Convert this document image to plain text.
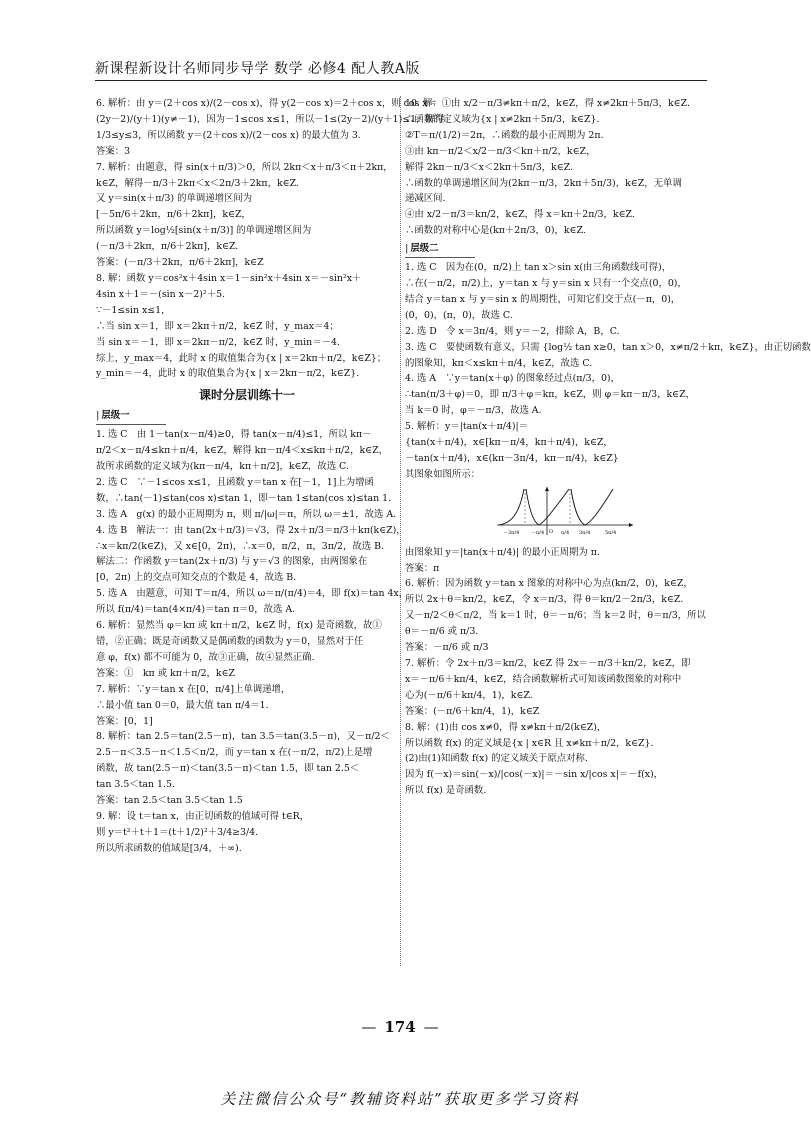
新课程新设计名师同步导学 数学 必修4 配人教A版

6. 解析：由 y＝(2＋cos x)/(2－cos x)，得 y(2－cos x)＝2＋cos x，则 cos x＝

(2y－2)/(y＋1)(y≠－1)，因为－1≤cos x≤1，所以－1≤(2y－2)/(y＋1)≤1，解得

1/3≤y≤3，所以函数 y＝(2＋cos x)/(2－cos x) 的最大值为 3.

答案：3

7. 解析：由题意，得 sin(x＋π/3)＞0，所以 2kπ＜x＋π/3＜π＋2kπ，

k∈Z，解得－π/3＋2kπ＜x＜2π/3＋2kπ，k∈Z.

又 y＝sin(x＋π/3) 的单调递增区间为

[－5π/6＋2kπ，π/6＋2kπ]，k∈Z，

所以函数 y＝log½[sin(x＋π/3)] 的单调递增区间为

(－π/3＋2kπ，π/6＋2kπ]，k∈Z.

答案：(－π/3＋2kπ，π/6＋2kπ]，k∈Z

8. 解：函数 y＝cos²x＋4sin x＝1－sin²x＋4sin x＝－sin²x＋

4sin x＋1＝－(sin x－2)²＋5.

∵－1≤sin x≤1，

∴当 sin x＝1，即 x＝2kπ＋π/2，k∈Z 时，y_max＝4；

当 sin x＝－1，即 x＝2kπ－π/2，k∈Z 时，y_min＝－4.

综上，y_max＝4，此时 x 的取值集合为{x | x＝2kπ＋π/2，k∈Z}；

y_min＝－4，此时 x 的取值集合为{x | x＝2kπ－π/2，k∈Z}.

课时分层训练十一
| 层级一

1. 选 C　由 1－tan(x－π/4)≥0，得 tan(x－π/4)≤1，所以 kπ－

π/2＜x－π/4≤kπ＋π/4，k∈Z，解得 kπ－π/4＜x≤kπ＋π/2，k∈Z，

故所求函数的定义域为(kπ－π/4，kπ＋π/2]，k∈Z，故选 C.

2. 选 C　∵－1≤cos x≤1，且函数 y＝tan x 在[－1，1]上为增函

数，∴tan(－1)≤tan(cos x)≤tan 1，即－tan 1≤tan(cos x)≤tan 1.

3. 选 A　g(x) 的最小正周期为 π，则 π/|ω|＝π，所以 ω＝±1，故选 A.

4. 选 B　解法一：由 tan(2x＋π/3)＝√3，得 2x＋π/3＝π/3＋kπ(k∈Z)，

∴x＝kπ/2(k∈Z)，又 x∈[0，2π)，∴x＝0，π/2，π，3π/2，故选 B.

解法二：作函数 y＝tan(2x＋π/3) 与 y＝√3 的图象，由两图象在

[0，2π) 上的交点可知交点的个数是 4，故选 B.

5. 选 A　由题意，可知 T＝π/4，所以 ω＝π/(π/4)＝4，即 f(x)＝tan 4x，

所以 f(π/4)＝tan(4×π/4)＝tan π＝0，故选 A.

6. 解析：显然当 φ＝kπ 或 kπ＋π/2，k∈Z 时，f(x) 是奇函数，故①

错，②正确；既是奇函数又是偶函数的函数为 y＝0，显然对于任

意 φ，f(x) 都不可能为 0，故③正确，故④显然正确.

答案：①　kπ 或 kπ＋π/2，k∈Z

7. 解析：∵y＝tan x 在[0，π/4]上单调递增，

∴最小值 tan 0＝0，最大值 tan π/4＝1.

答案：[0，1]

8. 解析：tan 2.5＝tan(2.5－π)，tan 3.5＝tan(3.5－π)，又－π/2＜

2.5－π＜3.5－π＜1.5＜π/2，而 y＝tan x 在(－π/2，π/2)上是增

函数，故 tan(2.5－π)＜tan(3.5－π)＜tan 1.5，即 tan 2.5＜

tan 3.5＜tan 1.5.

答案：tan 2.5＜tan 3.5＜tan 1.5

9. 解：设 t＝tan x，由正切函数的值域可得 t∈R，

则 y＝t²＋t＋1＝(t＋1/2)²＋3/4≥3/4.

所以所求函数的值域是[3/4，＋∞).

10. 解：①由 x/2－π/3≠kπ＋π/2，k∈Z，得 x≠2kπ＋5π/3，k∈Z.

∴函数的定义域为{x | x≠2kπ＋5π/3，k∈Z}.

②T＝π/(1/2)＝2π，∴函数的最小正周期为 2π.

③由 kπ－π/2＜x/2－π/3＜kπ＋π/2，k∈Z，

解得 2kπ－π/3＜x＜2kπ＋5π/3，k∈Z.

∴函数的单调递增区间为(2kπ－π/3，2kπ＋5π/3)，k∈Z，无单调

递减区间.

④由 x/2－π/3＝kπ/2，k∈Z，得 x＝kπ＋2π/3，k∈Z.

∴函数的对称中心是(kπ＋2π/3，0)，k∈Z.

| 层级二

1. 选 C　因为在(0，π/2)上 tan x＞sin x(由三角函数线可得)，

∴在(－π/2，π/2)上，y＝tan x 与 y＝sin x 只有一个交点(0，0)，

结合 y＝tan x 与 y＝sin x 的周期性，可知它们交于点(－π，0)，

(0，0)，(π，0)，故选 C.

2. 选 D　令 x＝3π/4，则 y＝－2，排除 A，B，C.

3. 选 C　要使函数有意义，只需 {log½ tan x≥0，tan x＞0，x≠π/2＋kπ，k∈Z}，由正切函数

的图象知，kπ＜x≤kπ＋π/4，k∈Z，故选 C.

4. 选 A　∵y＝tan(x＋φ) 的图象经过点(π/3，0)，

∴tan(π/3＋φ)＝0，即 π/3＋φ＝kπ，k∈Z，则 φ＝kπ－π/3，k∈Z，

当 k＝0 时，φ＝－π/3，故选 A.

5. 解析：y＝|tan(x＋π/4)|＝

{tan(x＋π/4)，x∈[kπ－π/4，kπ＋π/4)，k∈Z，

－tan(x＋π/4)，x∈(kπ－3π/4，kπ－π/4)，k∈Z}

其图象如图所示：

－3π/4 －π/4 O π/4 3π/4	5π/4

由图象知 y＝|tan(x＋π/4)| 的最小正周期为 π.

答案：π

6. 解析：因为函数 y＝tan x 图象的对称中心为点(kπ/2，0)，k∈Z，

所以 2x＋θ＝kπ/2，k∈Z，令 x＝π/3，得 θ＝kπ/2－2π/3，k∈Z.

又－π/2＜θ＜π/2，当 k＝1 时，θ＝－π/6；当 k＝2 时，θ＝π/3，所以

θ＝－π/6 或 π/3.

答案：－π/6 或 π/3

7. 解析：令 2x＋π/3＝kπ/2，k∈Z 得 2x＝－π/3＋kπ/2，k∈Z，即

x＝－π/6＋kπ/4，k∈Z，结合函数解析式可知该函数图象的对称中

心为(－π/6＋kπ/4，1)，k∈Z.

答案：(－π/6＋kπ/4，1)，k∈Z

8. 解：(1)由 cos x≠0，得 x≠kπ＋π/2(k∈Z)，

所以函数 f(x) 的定义域是{x | x∈R 且 x≠kπ＋π/2，k∈Z}.

(2)由(1)知函数 f(x) 的定义域关于原点对称.

因为 f(－x)＝sin(－x)/|cos(－x)|＝－sin x/|cos x|＝－f(x)，

所以 f(x) 是奇函数.

— 174 —
关注微信公众号“教辅资料站”获取更多学习资料
